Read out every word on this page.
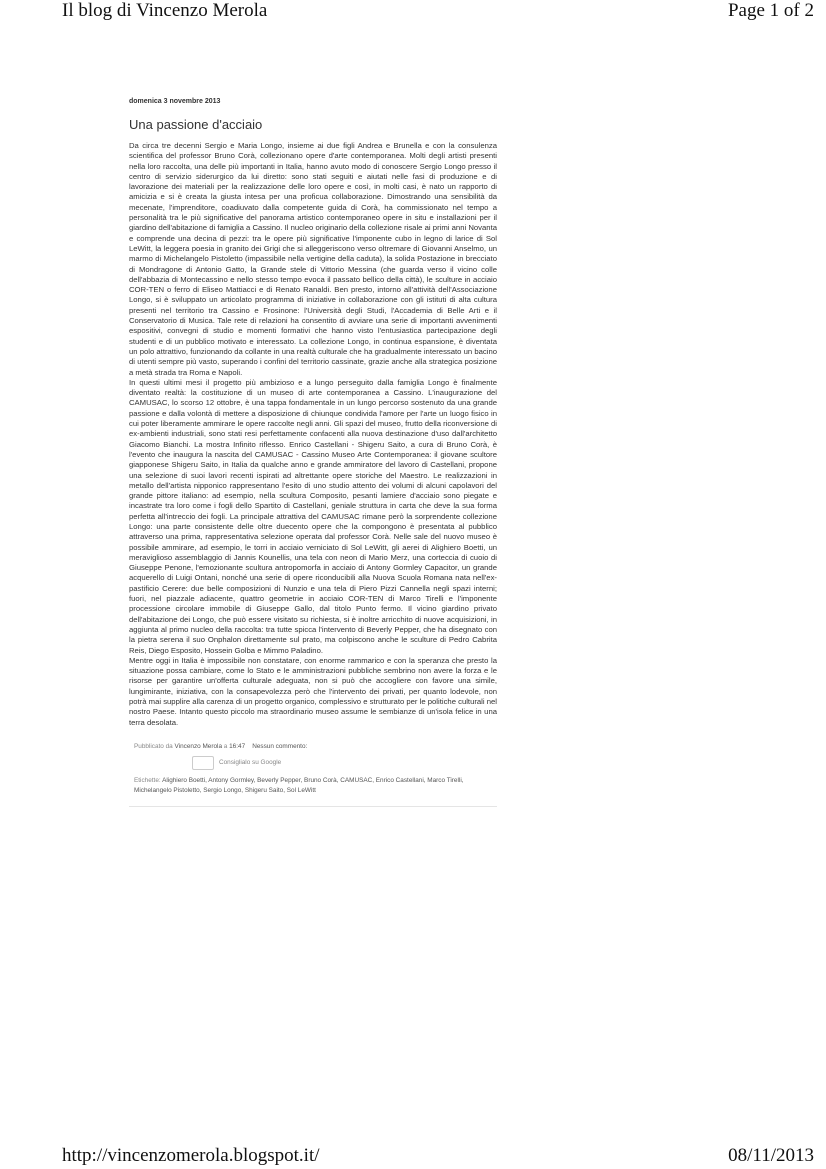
Il blog di Vincenzo Merola	Page 1 of 2
domenica 3 novembre 2013
Una passione d'acciaio

Da circa tre decenni Sergio e Maria Longo, insieme ai due figli Andrea e Brunella e con la consulenza scientifica del professor Bruno Corà, collezionano opere d'arte contemporanea. Molti degli artisti presenti nella loro raccolta, una delle più importanti in Italia, hanno avuto modo di conoscere Sergio Longo presso il centro di servizio siderurgico da lui diretto: sono stati seguiti e aiutati nelle fasi di produzione e di lavorazione dei materiali per la realizzazione delle loro opere e così, in molti casi, è nato un rapporto di amicizia e si è creata la giusta intesa per una proficua collaborazione. Dimostrando una sensibilità da mecenate, l'imprenditore, coadiuvato dalla competente guida di Corà, ha commissionato nel tempo a personalità tra le più significative del panorama artistico contemporaneo opere in situ e installazioni per il giardino dell'abitazione di famiglia a Cassino. Il nucleo originario della collezione risale ai primi anni Novanta e comprende una decina di pezzi: tra le opere più significative l'imponente cubo in legno di larice di Sol LeWitt, la leggera poesia in granito dei Grigi che si alleggeriscono verso oltremare di Giovanni Anselmo, un marmo di Michelangelo Pistoletto (impassibile nella vertigine della caduta), la solida Postazione in brecciato di Mondragone di Antonio Gatto, la Grande stele di Vittorio Messina (che guarda verso il vicino colle dell'abbazia di Montecassino e nello stesso tempo evoca il passato bellico della città), le sculture in acciaio COR-TEN o ferro di Eliseo Mattiacci e di Renato Ranaldi. Ben presto, intorno all'attività dell'Associazione Longo, si è sviluppato un articolato programma di iniziative in collaborazione con gli istituti di alta cultura presenti nel territorio tra Cassino e Frosinone: l'Università degli Studi, l'Accademia di Belle Arti e il Conservatorio di Musica. Tale rete di relazioni ha consentito di avviare una serie di importanti avvenimenti espositivi, convegni di studio e momenti formativi che hanno visto l'entusiastica partecipazione degli studenti e di un pubblico motivato e interessato. La collezione Longo, in continua espansione, è diventata un polo attrattivo, funzionando da collante in una realtà culturale che ha gradualmente interessato un bacino di utenti sempre più vasto, superando i confini del territorio cassinate, grazie anche alla strategica posizione a metà strada tra Roma e Napoli.

In questi ultimi mesi il progetto più ambizioso e a lungo perseguito dalla famiglia Longo è finalmente diventato realtà: la costituzione di un museo di arte contemporanea a Cassino. L'inaugurazione del CAMUSAC, lo scorso 12 ottobre, è una tappa fondamentale in un lungo percorso sostenuto da una grande passione e dalla volontà di mettere a disposizione di chiunque condivida l'amore per l'arte un luogo fisico in cui poter liberamente ammirare le opere raccolte negli anni. Gli spazi del museo, frutto della riconversione di ex-ambienti industriali, sono stati resi perfettamente confacenti alla nuova destinazione d'uso dall'architetto Giacomo Bianchi. La mostra Infinito riflesso. Enrico Castellani - Shigeru Saito, a cura di Bruno Corà, è l'evento che inaugura la nascita del CAMUSAC - Cassino Museo Arte Contemporanea: il giovane scultore giapponese Shigeru Saito, in Italia da qualche anno e grande ammiratore del lavoro di Castellani, propone una selezione di suoi lavori recenti ispirati ad altrettante opere storiche del Maestro. Le realizzazioni in metallo dell'artista nipponico rappresentano l'esito di uno studio attento dei volumi di alcuni capolavori del grande pittore italiano: ad esempio, nella scultura Composito, pesanti lamiere d'acciaio sono piegate e incastrate tra loro come i fogli dello Spartito di Castellani, geniale struttura in carta che deve la sua forma perfetta all'intreccio dei fogli. La principale attrattiva del CAMUSAC rimane però la sorprendente collezione Longo: una parte consistente delle oltre duecento opere che la compongono è presentata al pubblico attraverso una prima, rappresentativa selezione operata dal professor Corà. Nelle sale del nuovo museo è possibile ammirare, ad esempio, le torri in acciaio verniciato di Sol LeWitt, gli aerei di Alighiero Boetti, un meraviglioso assemblaggio di Jannis Kounellis, una tela con neon di Mario Merz, una corteccia di cuoio di Giuseppe Penone, l'emozionante scultura antropomorfa in acciaio di Antony Gormley Capacitor, un grande acquerello di Luigi Ontani, nonché una serie di opere riconducibili alla Nuova Scuola Romana nata nell'ex-pastificio Cerere: due belle composizioni di Nunzio e una tela di Piero Pizzi Cannella negli spazi interni; fuori, nel piazzale adiacente, quattro geometrie in acciaio COR-TEN di Marco Tirelli e l'imponente processione circolare immobile di Giuseppe Gallo, dal titolo Punto fermo. Il vicino giardino privato dell'abitazione dei Longo, che può essere visitato su richiesta, si è inoltre arricchito di nuove acquisizioni, in aggiunta al primo nucleo della raccolta: tra tutte spicca l'intervento di Beverly Pepper, che ha disegnato con la pietra serena il suo Onphalon direttamente sul prato, ma colpiscono anche le sculture di Pedro Cabrita Reis, Diego Esposito, Hossein Golba e Mimmo Paladino.

Mentre oggi in Italia è impossibile non constatare, con enorme rammarico e con la speranza che presto la situazione possa cambiare, come lo Stato e le amministrazioni pubbliche sembrino non avere la forza e le risorse per garantire un'offerta culturale adeguata, non si può che accogliere con favore una simile, lungimirante, iniziativa, con la consapevolezza però che l'intervento dei privati, per quanto lodevole, non potrà mai supplire alla carenza di un progetto organico, complessivo e strutturato per le politiche culturali nel nostro Paese. Intanto questo piccolo ma straordinario museo assume le sembianze di un'isola felice in una terra desolata.

Pubblicato da Vincenzo Merola a 16:47 Nessun commento:
Consiglialo su Google
Etichette: Alighiero Boetti, Antony Gormley, Beverly Pepper, Bruno Corà, CAMUSAC, Enrico Castellani, Marco Tirelli, Michelangelo Pistoletto, Sergio Longo, Shigeru Saito, Sol LeWitt
http://vincenzomerola.blogspot.it/	08/11/2013
